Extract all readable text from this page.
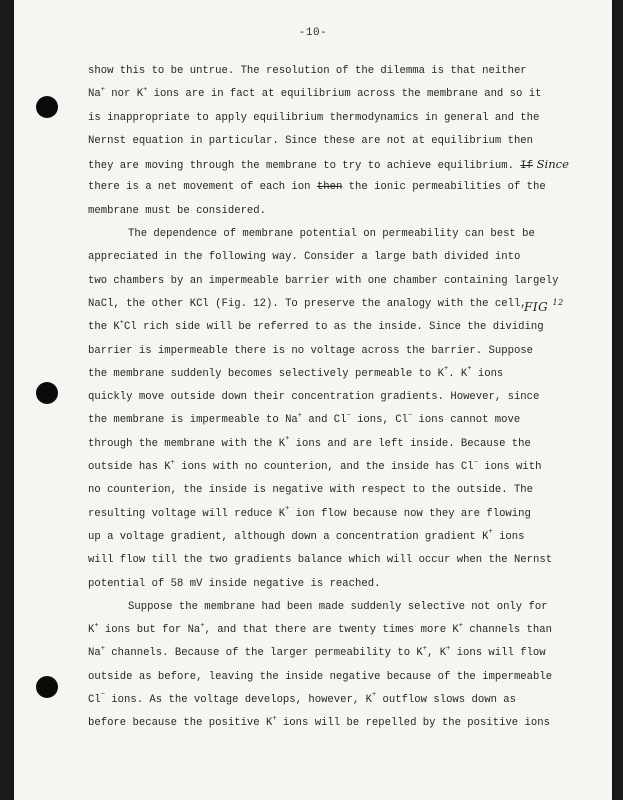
-10-
FIG $^{12}$
show this to be untrue. The resolution of the dilemma is that neither
Na+ nor K+ ions are in fact at equilibrium across the membrane and so it
is inappropriate to apply equilibrium thermodynamics in general and the
Nernst equation in particular. Since these are not at equilibrium then
they are moving through the membrane to try to achieve equilibrium. If Since
there is a net movement of each ion then the ionic permeabilities of the
membrane must be considered.
The dependence of membrane potential on permeability can best be
appreciated in the following way. Consider a large bath divided into
two chambers by an impermeable barrier with one chamber containing largely
NaCl, the other KCl (Fig. 12). To preserve the analogy with the cell,
the K+Cl rich side will be referred to as the inside. Since the dividing
barrier is impermeable there is no voltage across the barrier. Suppose
the membrane suddenly becomes selectively permeable to K+. K+ ions
quickly move outside down their concentration gradients. However, since
the membrane is impermeable to Na+ and Cl− ions, Cl− ions cannot move
through the membrane with the K+ ions and are left inside. Because the
outside has K+ ions with no counterion, and the inside has Cl− ions with
no counterion, the inside is negative with respect to the outside. The
resulting voltage will reduce K+ ion flow because now they are flowing
up a voltage gradient, although down a concentration gradient K+ ions
will flow till the two gradients balance which will occur when the Nernst
potential of 58 mV inside negative is reached.
Suppose the membrane had been made suddenly selective not only for
K+ ions but for Na+, and that there are twenty times more K+ channels than
Na+ channels. Because of the larger permeability to K+, K+ ions will flow
outside as before, leaving the inside negative because of the impermeable
Cl− ions. As the voltage develops, however, K+ outflow slows down as
before because the positive K+ ions will be repelled by the positive ions
